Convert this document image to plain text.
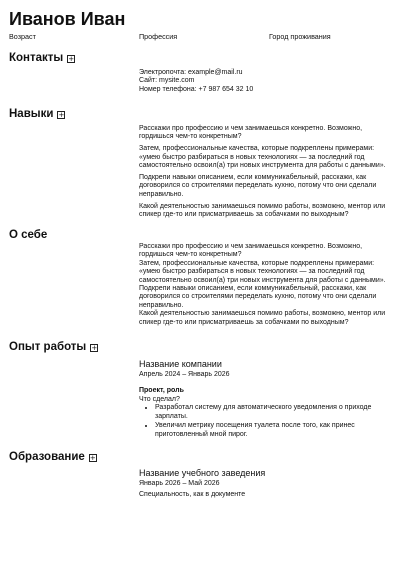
Иванов Иван
Возраст	Профессия	Город проживания
Контакты +
Электропочта: example@mail.ru
Сайт: mysite.com
Номер телефона: +7 987 654 32 10
Навыки +

Расскажи про профессию и чем занимаешься конкретно. Возможно, гордишься чем-то конкретным?

Затем, профессиональные качества, которые подкреплены примерами: «умею быстро разбираться в новых технологиях — за последний год самостоятельно освоил(а) три новых инструмента для работы с данными».

Подкрепи навыки описанием, если коммуникабельный, расскажи, как договорился со строителями переделать кухню, потому что они сделали неправильно.

Какой деятельностью занимаешься помимо работы, возможно, ментор или спикер где-то или присматриваешь за собачками по выходным?

О себе

Расскажи про профессию и чем занимаешься конкретно. Возможно, гордишься чем-то конкретным?

Затем, профессиональные качества, которые подкреплены примерами: «умею быстро разбираться в новых технологиях — за последний год самостоятельно освоил(а) три новых инструмента для работы с данными».

Подкрепи навыки описанием, если коммуникабельный, расскажи, как договорился со строителями переделать кухню, потому что они сделали неправильно.

Какой деятельностью занимаешься помимо работы, возможно, ментор или спикер где-то или присматриваешь за собачками по выходным?

Опыт работы +
Название компании
Апрель 2024 – Январь 2026
Проект, роль
Что сделал?
• Разработал систему для автоматического уведомления о приходе зарплаты.
• Увеличил метрику посещения туалета после того, как принес приготовленный мной пирог.
Образование +
Название учебного заведения
Январь 2026 – Май 2026
Специальность, как в документе
